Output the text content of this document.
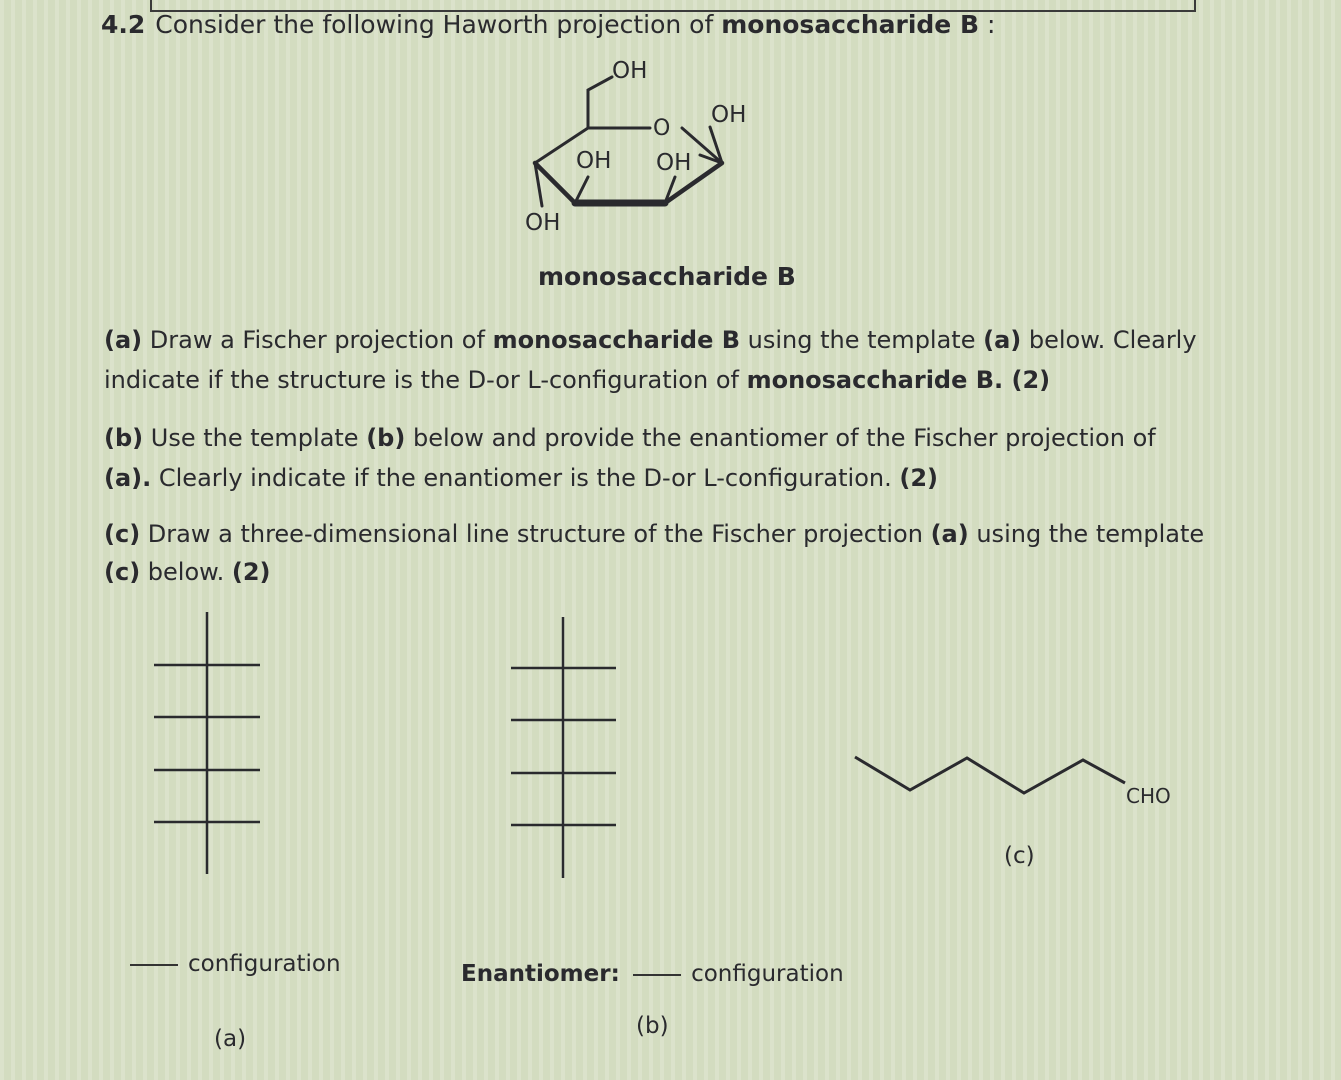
4.2 Consider the following Haworth projection of monosaccharide B :
OH
O
OH
OH OH
OH
CHO
monosaccharide B
(a) Draw a Fischer projection of monosaccharide B using the template (a) below. Clearly
indicate if the structure is the D-or L-configuration of monosaccharide B. (2)
(b) Use the template (b) below and provide the enantiomer of the Fischer projection of
(a). Clearly indicate if the enantiomer is the D-or L-configuration. (2)
(c) Draw a three-dimensional line structure of the Fischer projection (a) using the template
(c) below. (2)
(c)
configuration	Enantiomer:	configuration
(a)	(b)
